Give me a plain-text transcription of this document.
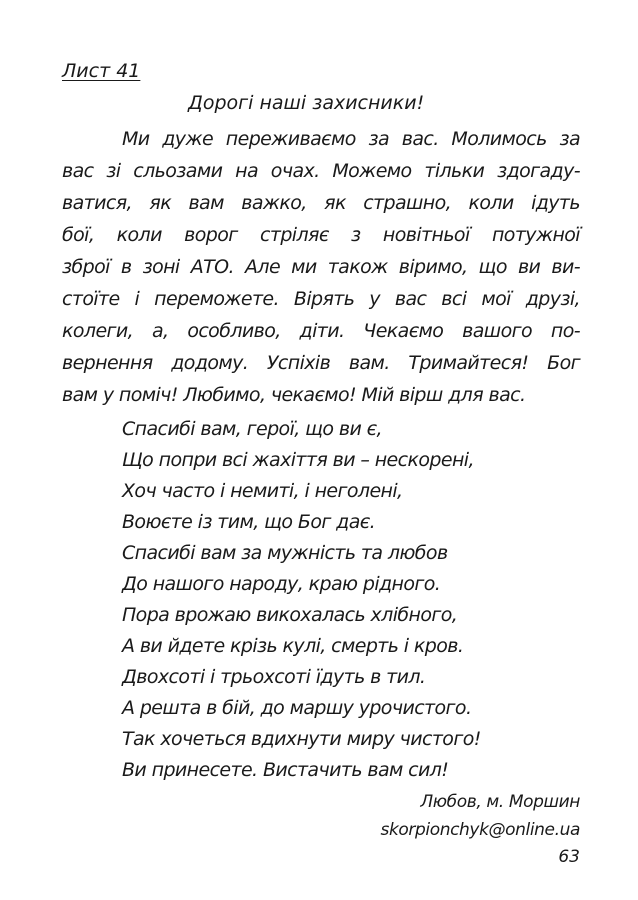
Лист 41
Дорогі наші захисники!
Ми дуже переживаємо за вас. Молимось за
вас зі сльозами на очах. Можемо тільки здогаду-
ватися, як вам важко, як страшно, коли ідуть
бої, коли ворог стріляє з новітньої потужної
зброї в зоні АТО. Але ми також віримо, що ви ви-
стоїте і переможете. Вірять у вас всі мої друзі,
колеги, а, особливо, діти. Чекаємо вашого по-
вернення додому. Успіхів вам. Тримайтеся! Бог
вам у поміч! Любимо, чекаємо! Мій вірш для вас.
Спасибі вам, герої, що ви є,
Що попри всі жахіття ви – нескорені,
Хоч часто і немиті, і неголені,
Воюєте із тим, що Бог дає.
Спасибі вам за мужність та любов
До нашого народу, краю рідного.
Пора врожаю викохалась хлібного,
А ви йдете крізь кулі, смерть і кров.
Двохсоті і трьохсоті їдуть в тил.
А решта в бій, до маршу урочистого.
Так хочеться вдихнути миру чистого!
Ви принесете. Вистачить вам сил!
Любов, м. Моршин
skorpionchyk@online.ua
63
